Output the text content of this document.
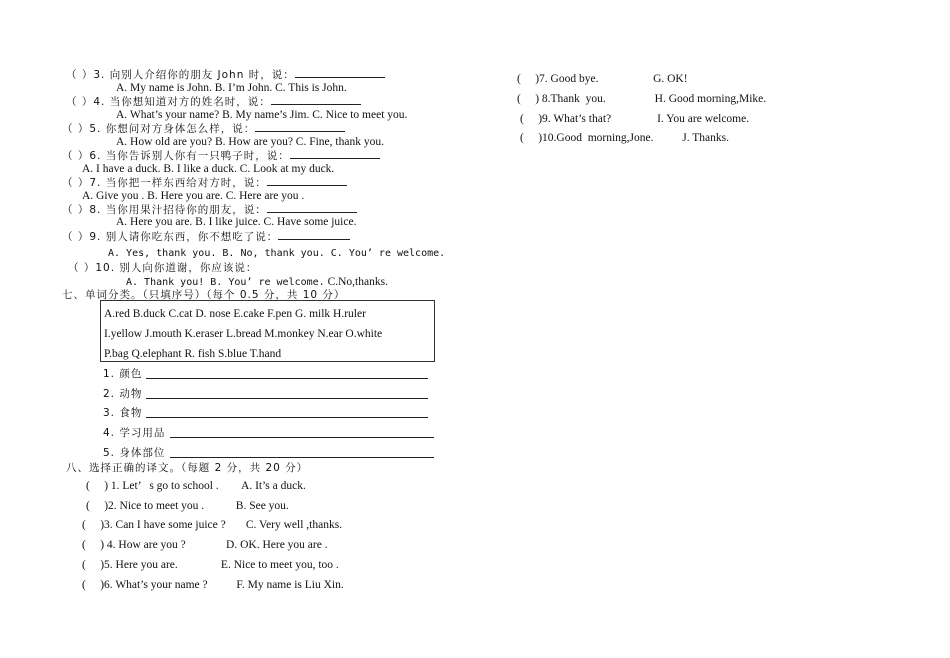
（ ）3. 向别人介绍你的朋友 John 时，说：
A. My name is John. B. I’m John. C. This is John.
（ ）4. 当你想知道对方的姓名时，说：
A. What’s your name? B. My name’s Jim. C. Nice to meet you.
（ ）5. 你想问对方身体怎么样，说：
A. How old are you? B. How are you? C. Fine, thank you.
（ ）6. 当你告诉别人你有一只鸭子时，说：
A. I have a duck. B. I like a duck. C. Look at my duck.
（ ）7. 当你把一样东西给对方时，说：
A. Give you . B. Here you are. C. Here are you .
（ ）8. 当你用果汁招待你的朋友，说：
A. Here you are. B. I like juice. C. Have some juice.
（ ）9. 别人请你吃东西，你不想吃了说：
A. Yes, thank you. B. No, thank you. C. You’ re welcome.
（ ）10. 别人向你道谢，你应该说：
A. Thank you! B. You’ re welcome. C.No,thanks.
七、单词分类。（只填序号）（每个 0.5 分，共 10 分）
A.red B.duck C.cat D. nose E.cake F.pen G. milk H.ruler
I.yellow J.mouth K.eraser L.bread M.monkey N.ear O.white
P.bag Q.elephant R. fish S.blue T.hand
1. 颜色
2. 动物
3. 食物
4. 学习用品
5. 身体部位
八、选择正确的译文。（每题 2 分，共 20 分）
(     ) 1. Let’   s go to school .        A. It’s a duck.
(     )2. Nice to meet you .           B. See you.
(     )3. Can I have some juice ?       C. Very well ,thanks.
(     ) 4. How are you ?              D. OK. Here you are .
(     )5. Here you are.               E. Nice to meet you, too .
(     )6. What’s your name ?          F. My name is Liu Xin.
(     )7. Good bye.                   G. OK!
(     ) 8.Thank  you.                 H. Good morning,Mike.
(     )9. What’s that?                I. You are welcome.
(     )10.Good  morning,Jone.          J. Thanks.
